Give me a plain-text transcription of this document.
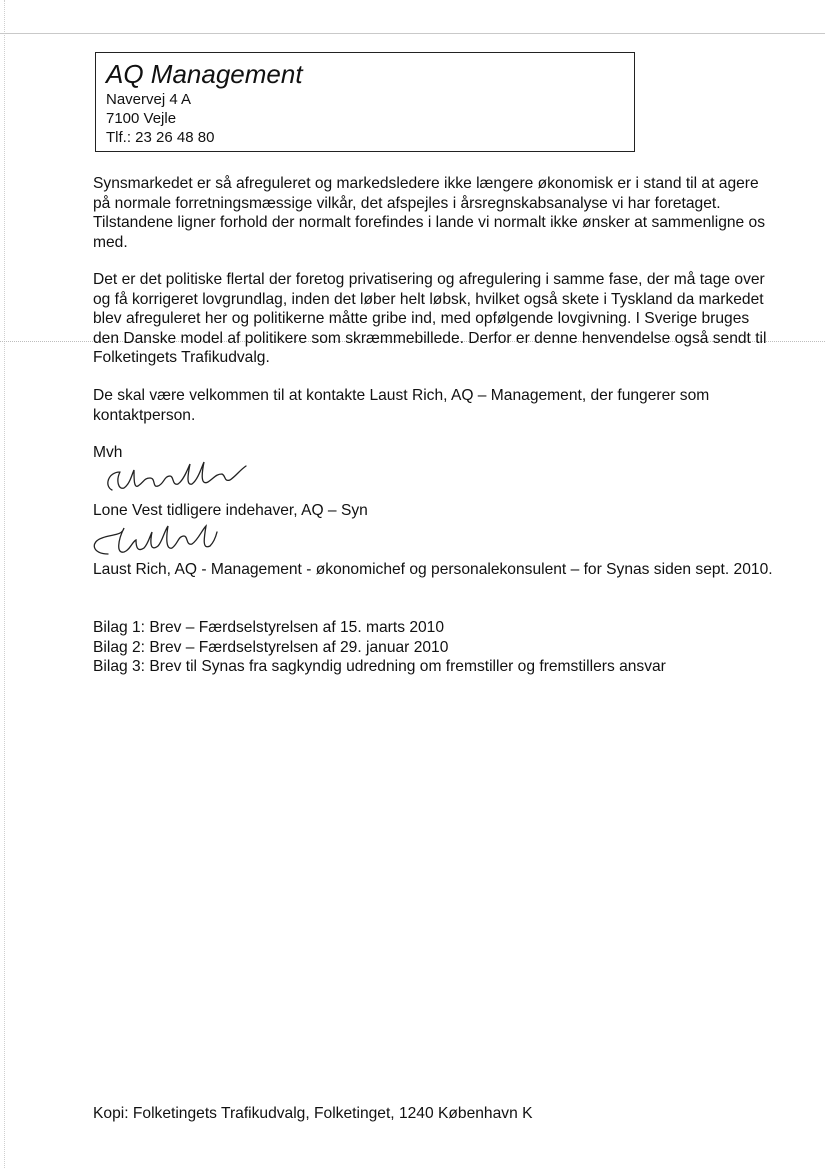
AQ Management

Navervej 4 A

7100 Vejle

Tlf.: 23 26 48 80

Synsmarkedet er så afreguleret og markedsledere ikke længere økonomisk er i stand til at agere på normale forretningsmæssige vilkår, det afspejles i årsregnskabsanalyse vi har foretaget. Tilstandene ligner forhold der normalt forefindes i lande vi normalt ikke ønsker at sammenligne os med.

Det er det politiske flertal der foretog privatisering og afregulering i samme fase, der må tage over og få korrigeret lovgrundlag, inden det løber helt løbsk, hvilket også skete i Tyskland da markedet blev afreguleret her og politikerne måtte gribe ind, med opfølgende lovgivning. I Sverige bruges den Danske model af politikere som skræmmebillede. Derfor er denne henvendelse også sendt til Folketingets Trafikudvalg.

De skal være velkommen til at kontakte Laust Rich, AQ – Management, der fungerer som kontaktperson.

Mvh

Lone Vest tidligere indehaver, AQ – Syn

Laust Rich, AQ - Management - økonomichef og personalekonsulent – for Synas siden sept. 2010.

Bilag 1: Brev – Færdselstyrelsen af 15. marts 2010
Bilag 2: Brev – Færdselstyrelsen af 29. januar 2010
Bilag 3: Brev til Synas fra sagkyndig udredning om fremstiller og fremstillers ansvar

Kopi: Folketingets Trafikudvalg, Folketinget, 1240 København K
